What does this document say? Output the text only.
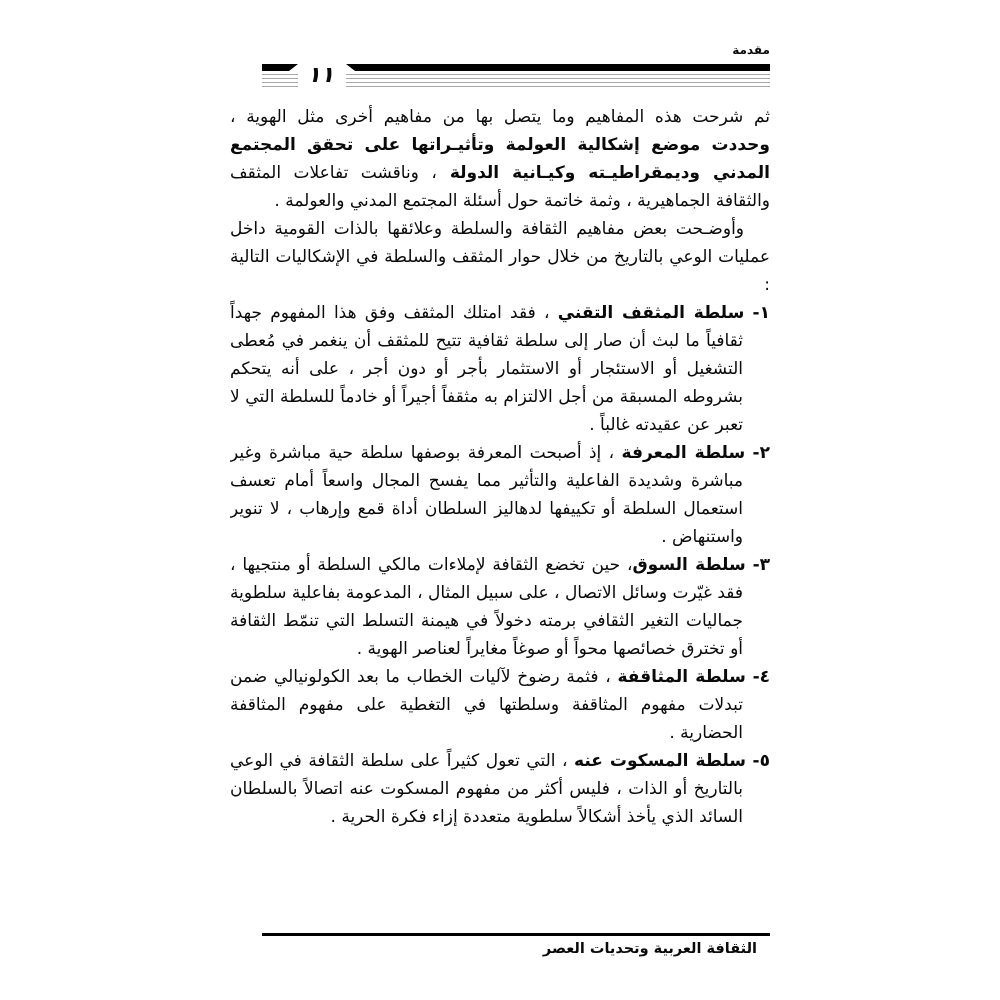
مقدمة
١١

ثم شرحت هذه المفاهيم وما يتصل بها من مفاهيم أخرى مثل الهوية ، وحددت موضع إشكالية العولمة وتأثيـراتها على تحقق المجتمع المدني وديمقراطيـته وكيـانية الدولة ، وناقشت تفاعلات المثقف والثقافة الجماهيرية ، وثمة خاتمة حول أسئلة المجتمع المدني والعولمة .

وأوضـحت بعض مفاهيم الثقافة والسلطة وعلائقها بالذات القومية داخل عمليات الوعي بالتاريخ من خلال حوار المثقف والسلطة في الإشكاليات التالية :

١- سلطة المثقف التقني ، فقد امتلك المثقف وفق هذا المفهوم جهداً ثقافياً ما لبث أن صار إلى سلطة ثقافية تتيح للمثقف أن ينغمر في مُعطى التشغيل أو الاستئجار أو الاستثمار بأجر أو دون أجر ، على أنه يتحكم بشروطه المسبقة من أجل الالتزام به مثقفاً أجيراً أو خادماً للسلطة التي لا تعبر عن عقيدته غالباً .

٢- سلطة المعرفة ، إذ أصبحت المعرفة بوصفها سلطة حية مباشرة وغير مباشرة وشديدة الفاعلية والتأثير مما يفسح المجال واسعاً أمام تعسف استعمال السلطة أو تكييفها لدهاليز السلطان أداة قمع وإرهاب ، لا تنوير واستنهاض .

٣- سلطة السوق، حين تخضع الثقافة لإملاءات مالكي السلطة أو منتجيها ، فقد غيّرت وسائل الاتصال ، على سبيل المثال ، المدعومة بفاعلية سلطوية جماليات التغير الثقافي برمته دخولاً في هيمنة التسلط التي تنمّط الثقافة أو تخترق خصائصها محواً أو صوغاً مغايراً لعناصر الهوية .

٤- سلطة المثاقفة ، فثمة رضوخ لآليات الخطاب ما بعد الكولونيالي ضمن تبدلات مفهوم المثاقفة وسلطتها في التغطية على مفهوم المثاقفة الحضارية .

٥- سلطة المسكوت عنه ، التي تعول كثيراً على سلطة الثقافة في الوعي بالتاريخ أو الذات ، فليس أكثر من مفهوم المسكوت عنه اتصالاً بالسلطان السائد الذي يأخذ أشكالاً سلطوية متعددة إزاء فكرة الحرية .

الثقافة العربية وتحديات العصر
